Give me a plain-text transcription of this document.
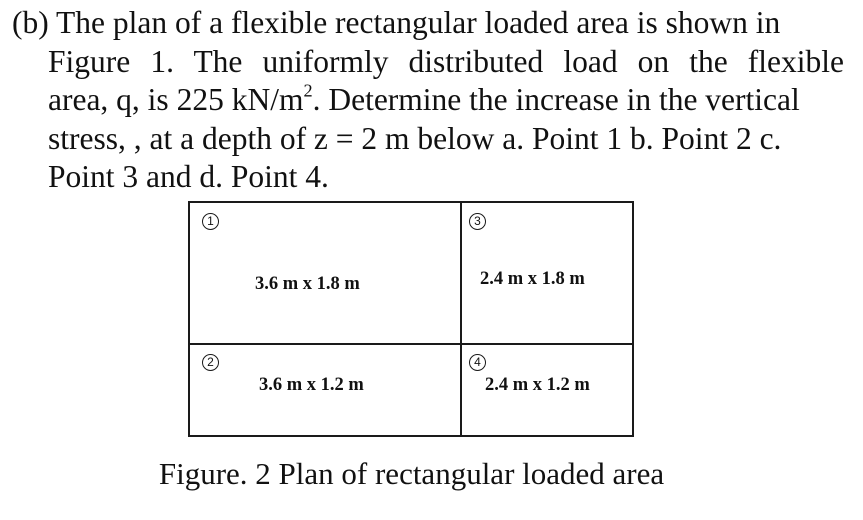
(b) The plan of a flexible rectangular loaded area is shown in
Figure 1. The uniformly distributed load on the flexible
area, q, is 225 $kN/m^2$. Determine the increase in the vertical
stress, , at a depth of z = 2 m below a. Point 1 b. Point 2 c.
Point 3 and d. Point 4.
1
2
3
4
3.6 m x 1.8 m	2.4 m x 1.8 m
3.6 m x 1.2 m	2.4 m x 1.2 m
Figure. 2 Plan of rectangular loaded area
